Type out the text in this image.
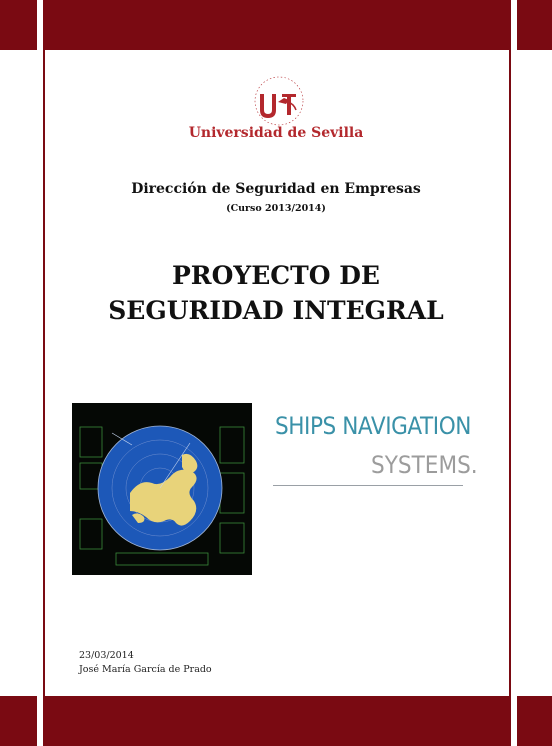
Universidad de Sevilla
Dirección de Seguridad en Empresas
(Curso 2013/2014)
PROYECTO DE
SEGURIDAD INTEGRAL
SHIPS NAVIGATION
SYSTEMS.
23/03/2014
José María García de Prado
